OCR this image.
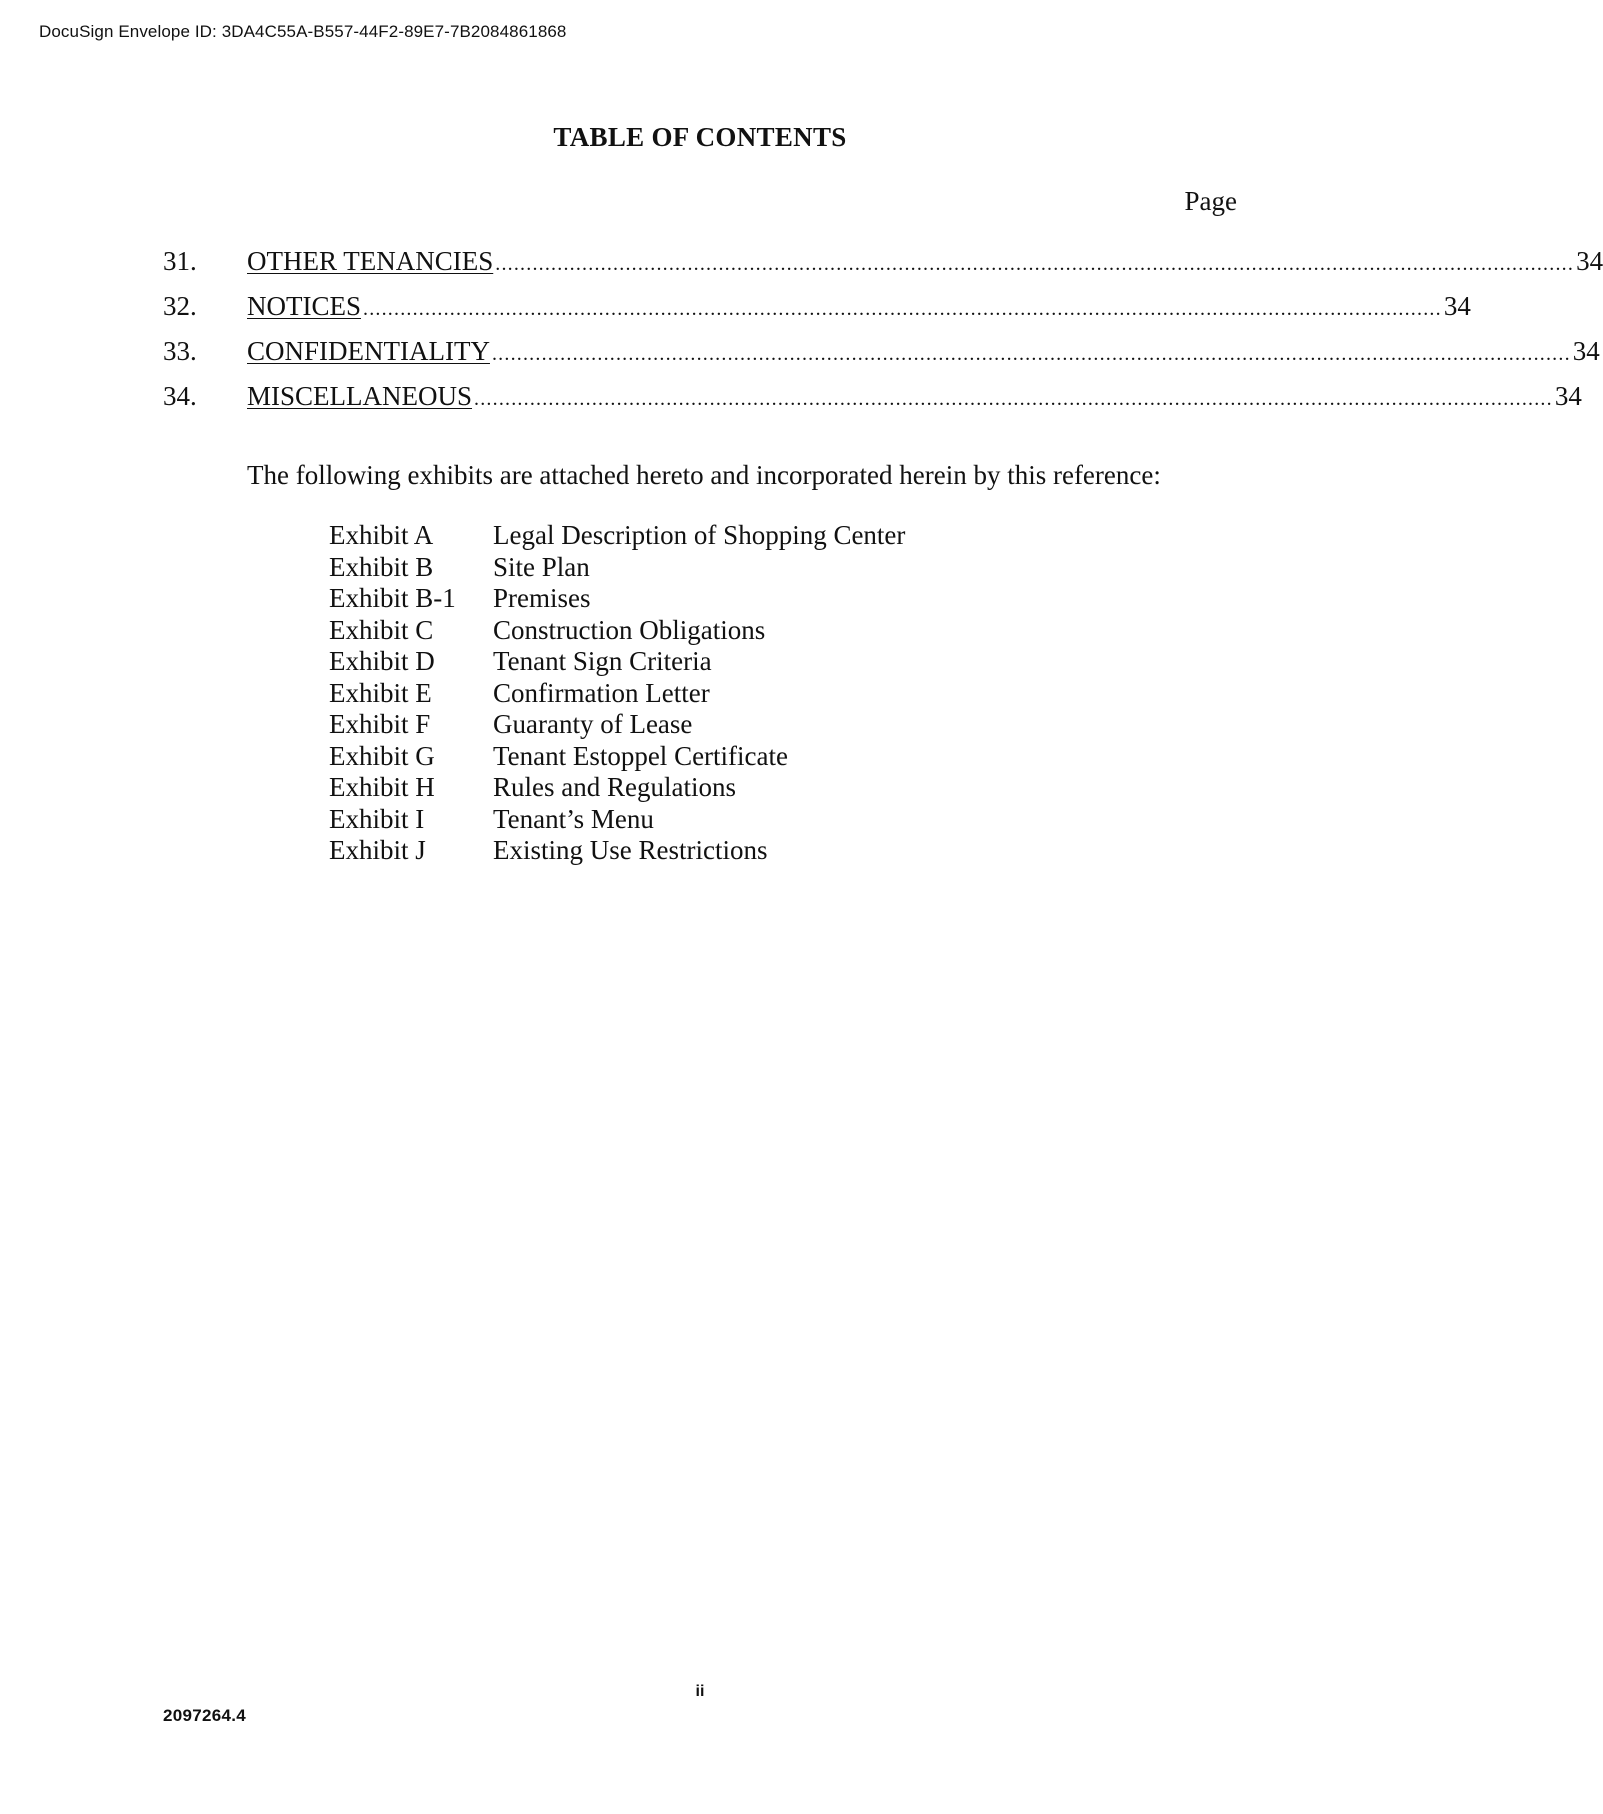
DocuSign Envelope ID: 3DA4C55A-B557-44F2-89E7-7B2084861868
TABLE OF CONTENTS
Page
31.	OTHER TENANCIES .............................................................................................................................................................................. 34
32.	NOTICES .............................................................................................................................................................................. 34
33.	CONFIDENTIALITY .............................................................................................................................................................................. 34
34.	MISCELLANEOUS .............................................................................................................................................................................. 34
The following exhibits are attached hereto and incorporated herein by this reference:
Exhibit A	Legal Description of Shopping Center
Exhibit B	Site Plan
Exhibit B-1	Premises
Exhibit C	Construction Obligations
Exhibit D	Tenant Sign Criteria
Exhibit E	Confirmation Letter
Exhibit F	Guaranty of Lease
Exhibit G	Tenant Estoppel Certificate
Exhibit H	Rules and Regulations
Exhibit I	Tenant’s Menu
Exhibit J	Existing Use Restrictions
ii
2097264.4
